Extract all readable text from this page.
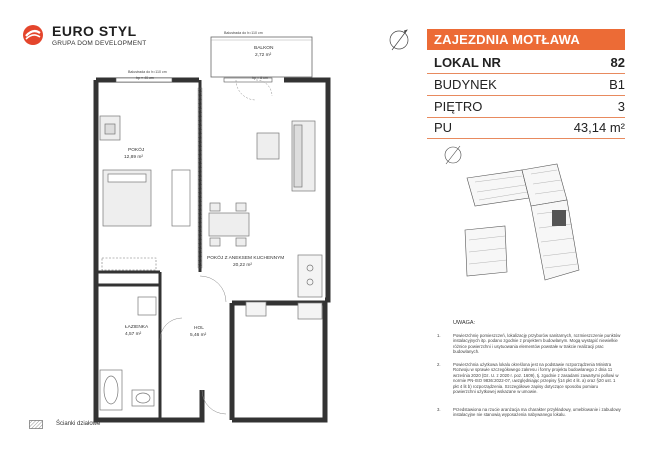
EURO STYL
GRUPA DOM DEVELOPMENT
Balustrada do h=110 cm
BALKON
2,72 m²
Balustrada do h=110 cm
hp = 40 cm	hp = 8 cm
POKÓJ
12,89 m²
POKÓJ Z ANEKSEM KUCHENNYM
20,22 m²
ŁAZIENKA
4,57 m²
HOL
5,46 m²
ZAJEZDNIA MOTŁAWA
LOKAL NR	82
BUDYNEK	B1
PIĘTRO	3
PU	43,14 m²
UWAGA:
1.	Powierzchnię pomieszczeń, lokalizację przyborów sanitarnych, rozmieszczenie punktów instalacyjnych itp. podano zgodnie z projektem budowlanym. Mogą wystąpić niewielkie różnice powierzchni i usytuowania elementów powstałe w trakcie realizacji prac budowlanych.
2.	Powierzchnia użytkowa lokalu określona jest na podstawie rozporządzenia Ministra Rozwoju w sprawie szczegółowego zakresu i formy projektu budowlanego z dnia 11 września 2020 (Dz. U. z 2020 r. poz. 1609), tj. zgodnie z zasadami zawartymi pollowi w normie PN-ISO 9836:2022-07, uwzględniając przepisy §14 pkt 4 lit. a) oraz §20 ust. 1 pkt 4 lit b) rozporządzenia. Szczegółowe zapisy dotyczące sposobu pomiaru powierzchni użytkowej wskazane w umowie.
3.	Przedstawiona na rzucie aranżacja ma charakter przykładowy, umeblowanie i zabudowy instalacyjne nie stanowią wyposażenia nabywanego lokalu.
Ścianki działowe
